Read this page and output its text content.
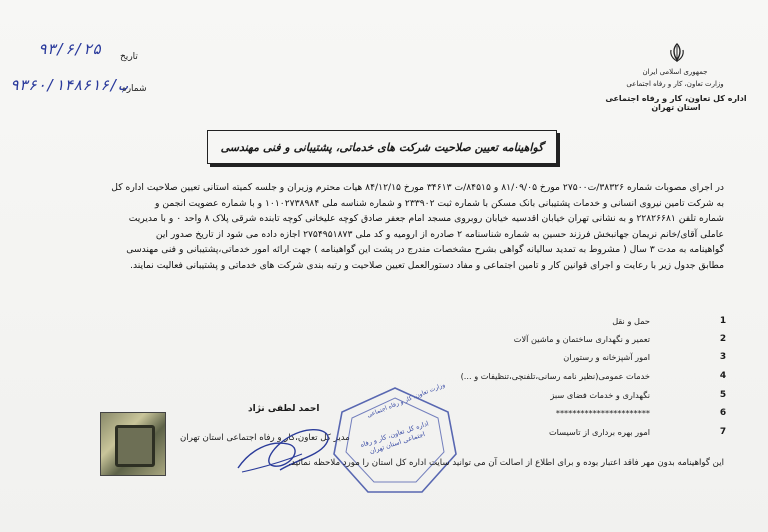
تاریخ
۹۳/۶/۲۵
شماره
۹۳۶۰/ب/۱۴۸۶۱۶
جمهوری اسلامی ایران
وزارت تعاون، کار و رفاه اجتماعی
اداره کل تعاون، کار و رفاه اجتماعی استان تهران
گواهینامه تعیین صلاحیت شرکت های خدماتی، پشتیبانی و فنی مهندسی
در اجرای مصوبات شماره ۳۸۳۲۶/ت۲۷۵۰۰ مورخ ۸۱/۰۹/۰۵ و ۸۴۵۱۵/ت ۳۴۶۱۳ مورخ ۸۴/۱۲/۱۵ هیات محترم وزیران و جلسه کمیته استانی تعیین صلاحیت اداره کل
به شرکت تامین نیروی انسانی و خدمات پشتیبانی بانک مسکن با شماره ثبت ۲۳۳۹۰۲ و شماره شناسه ملی ۱۰۱۰۲۷۳۸۹۸۴ و با شماره عضویت انجمن و
شماره تلفن ۲۲۸۲۶۶۸۱ و به نشانی تهران خیابان اقدسیه خیابان روبروی مسجد امام جعفر صادق کوچه علیخانی کوچه تابنده شرقی پلاک ۸ واحد ۰ و با مدیریت
عاملی آقای/خانم نریمان جهانبخش فرزند حسین به شماره شناسنامه ۲ صادره از ارومیه و کد ملی ۲۷۵۴۹۵۱۸۷۳ اجازه داده می شود از تاریخ صدور این
گواهینامه به مدت ۳ سال ( مشروط به تمدید سالیانه گواهی بشرح مشخصات مندرج در پشت این گواهینامه ) جهت ارائه امور خدماتی،پشتیبانی و فنی مهندسی
مطابق جدول زیر با رعایت و اجرای قوانین کار و تامین اجتماعی و مفاد دستورالعمل تعیین صلاحیت و رتبه بندی شرکت های خدماتی و پشتیبانی فعالیت نمایند.
1
حمل و نقل
2
تعمیر و نگهداری ساختمان و ماشین آلات
3
امور آشپزخانه و رستوران
4
خدمات عمومی(نظیر نامه رسانی،تلفنچی،تنظیفات و ...)
5
نگهداری و خدمات فضای سبز
6
***********************
7
امور بهره برداری از تاسیسات
احمد لطفی نژاد
مدیر کل تعاون،کار و رفاه اجتماعی استان تهران
وزارت تعاون، کار و رفاه اجتماعی
اداره کل تعاون، کار و رفاه اجتماعی استان تهران
این گواهینامه بدون مهر فاقد اعتبار بوده و برای اطلاع از اصالت آن می توانید سایت اداره کل استان را مورد ملاحظه نمائید.
